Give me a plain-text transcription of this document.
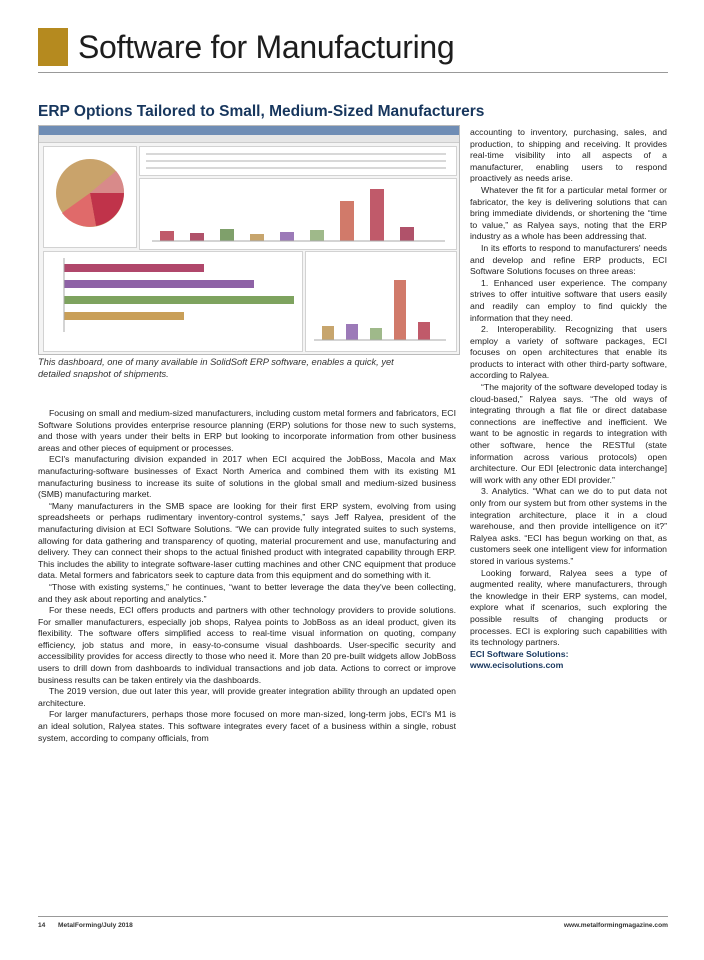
Software for Manufacturing
ERP Options Tailored to Small, Medium-Sized Manufacturers
This dashboard, one of many available in SolidSoft ERP software, enables a quick, yet detailed snapshot of shipments.

Focusing on small and medium-sized manufacturers, including custom metal formers and fabricators, ECI Software Solutions provides enterprise resource planning (ERP) solutions for those new to such systems, and those with years under their belts in ERP but looking to incorporate information from other business areas and other pieces of equipment or processes.

ECI's manufacturing division expanded in 2017 when ECI acquired the JobBoss, Macola and Max manufacturing-software businesses of Exact North America and combined them with its existing M1 manufacturing business to increase its suite of solutions in the global small and medium-sized business (SMB) manufacturing market.

“Many manufacturers in the SMB space are looking for their first ERP system, evolving from using spreadsheets or perhaps rudimentary inventory-control systems,” says Jeff Ralyea, president of the manufacturing division at ECI Software Solutions. “We can provide fully integrated suites to such systems, allowing for data gathering and transparency of quoting, material procurement and use, manufacturing and delivery. They can connect their shops to the actual finished product with integrated capability through ERP. This includes the ability to integrate software-laser cutting machines and other CNC equipment that produce data. Metal formers and fabricators seek to capture data from this equipment and do something with it.

“Those with existing systems,” he continues, “want to better leverage the data they've been collecting, and they ask about reporting and analytics.”

For these needs, ECI offers products and partners with other technology providers to provide solutions. For smaller manufacturers, especially job shops, Ralyea points to JobBoss as an ideal product, given its flexibility. The software offers simplified access to real-time visual information on quoting, company efficiency, job status and more, in easy-to-consume visual dashboards. User-specific security and accessibility provides for access directly to those who need it. More than 20 pre-built widgets allow JobBoss users to drill down from dashboards to individual transactions and job data. Actions to correct or improve business results can be taken entirely via the dashboards.

The 2019 version, due out later this year, will provide greater integration ability through an updated open architecture.

For larger manufacturers, perhaps those more focused on more man-sized, long-term jobs, ECI's M1 is an ideal solution, Ralyea states. This software integrates every facet of a business within a single, robust system, according to company officials, from

accounting to inventory, purchasing, sales, and production, to shipping and receiving. It provides real-time visibility into all aspects of a manufacturer, enabling users to respond proactively as needs arise.

Whatever the fit for a particular metal former or fabricator, the key is delivering solutions that can bring immediate dividends, or shortening the “time to value,” as Ralyea says, noting that the ERP industry as a whole has been addressing that.

In its efforts to respond to manufacturers' needs and develop and refine ERP products, ECI Software Solutions focuses on three areas:

1. Enhanced user experience. The company strives to offer intuitive software that users easily and readily can employ to find quickly the information that they need.

2. Interoperability. Recognizing that users employ a variety of software packages, ECI focuses on open architectures that enable its products to interact with other third-party software, according to Ralyea.

“The majority of the software developed today is cloud-based,” Ralyea says. “The old ways of integrating through a flat file or direct database connections are ineffective and inefficient. We want to be agnostic in regards to integration with other software, hence the RESTful (state information across various protocols) open architecture. Our EDI [electronic data interchange] will work with any other EDI provider.”

3. Analytics. “What can we do to put data not only from our system but from other systems in the integration architecture, place it in a cloud warehouse, and then provide intelligence on it?” Ralyea asks. “ECI has begun working on that, as customers seek one intelligent view for information stored in various systems.”

Looking forward, Ralyea sees a type of augmented reality, where manufacturers, through the knowledge in their ERP systems, can model, explore what if scenarios, such exploring the possible results of changing products or processes. ECI is exploring such capabilities with its technology partners.

ECI Software Solutions:

www.ecisolutions.com

14 MetalForming/July 2018	www.metalformingmagazine.com
